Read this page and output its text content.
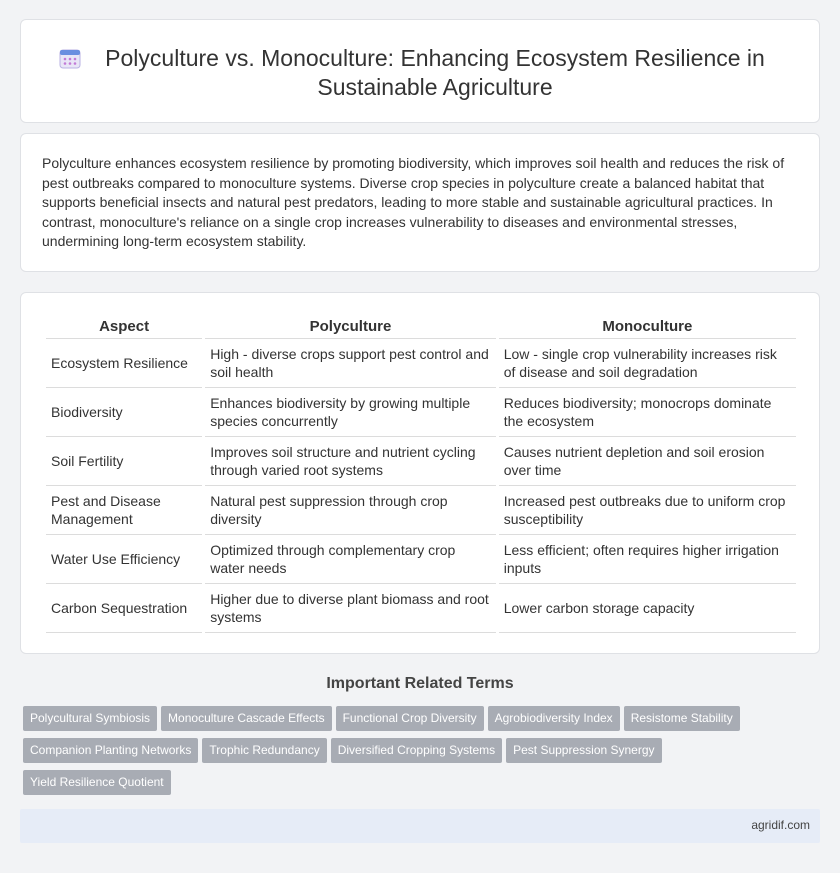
Polyculture vs. Monoculture: Enhancing Ecosystem Resilience in Sustainable Agriculture

Polyculture enhances ecosystem resilience by promoting biodiversity, which improves soil health and reduces the risk of pest outbreaks compared to monoculture systems. Diverse crop species in polyculture create a balanced habitat that supports beneficial insects and natural pest predators, leading to more stable and sustainable agricultural practices. In contrast, monoculture's reliance on a single crop increases vulnerability to diseases and environmental stresses, undermining long-term ecosystem stability.

Aspect	Polyculture	Monoculture
Ecosystem Resilience	High - diverse crops support pest control and soil health	Low - single crop vulnerability increases risk of disease and soil degradation
Biodiversity	Enhances biodiversity by growing multiple species concurrently	Reduces biodiversity; monocrops dominate the ecosystem
Soil Fertility	Improves soil structure and nutrient cycling through varied root systems	Causes nutrient depletion and soil erosion over time
Pest and Disease Management	Natural pest suppression through crop diversity	Increased pest outbreaks due to uniform crop susceptibility
Water Use Efficiency	Optimized through complementary crop water needs	Less efficient; often requires higher irrigation inputs
Carbon Sequestration	Higher due to diverse plant biomass and root systems	Lower carbon storage capacity
Important Related Terms
Polycultural Symbiosis Monoculture Cascade Effects Functional Crop Diversity Agrobiodiversity Index Resistome StabilityCompanion Planting Networks Trophic Redundancy Diversified Cropping Systems Pest Suppression SynergyYield Resilience Quotient
agridif.com
